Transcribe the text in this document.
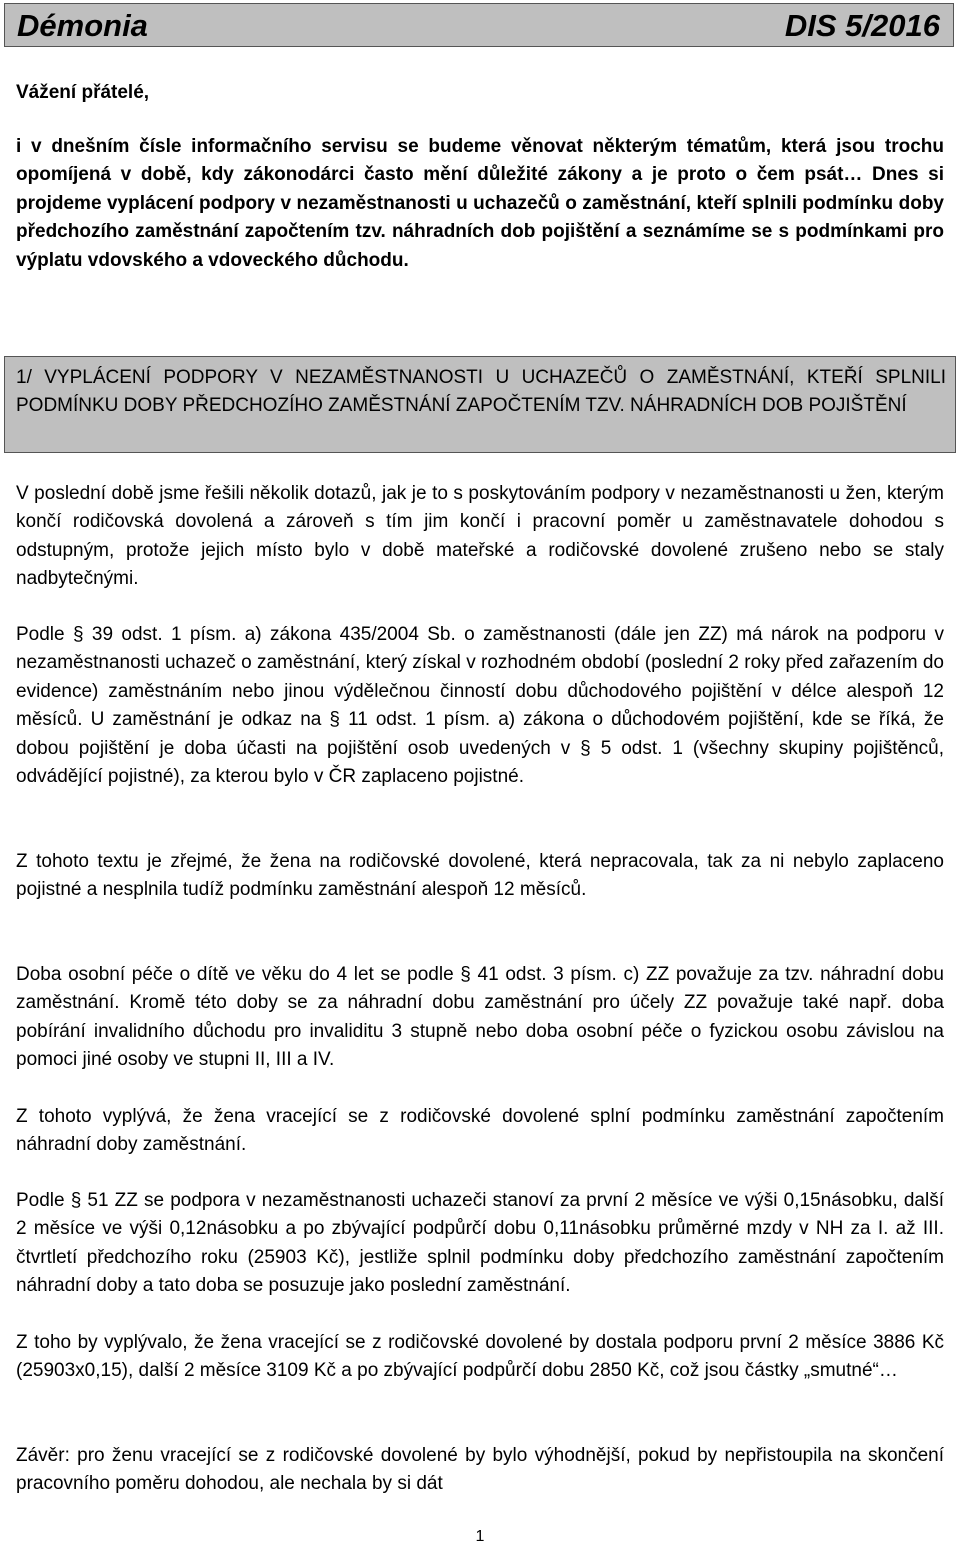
Démonia	DIS 5/2016
Vážení přátelé,
i v dnešním čísle informačního servisu se budeme věnovat některým tématům, která jsou trochu opomíjená v době, kdy zákonodárci často mění důležité zákony a je proto o čem psát… Dnes si projdeme vyplácení podpory v nezaměstnanosti u uchazečů o zaměstnání, kteří splnili podmínku doby předchozího zaměstnání započtením tzv. náhradních dob pojištění a seznámíme se s podmínkami pro výplatu vdovského a vdoveckého důchodu.
1/ VYPLÁCENÍ PODPORY V NEZAMĚSTNANOSTI U UCHAZEČŮ O ZAMĚSTNÁNÍ, KTEŘÍ SPLNILI PODMÍNKU DOBY PŘEDCHOZÍHO ZAMĚSTNÁNÍ ZAPOČTENÍM TZV. NÁHRADNÍCH DOB POJIŠTĚNÍ
V poslední době jsme řešili několik dotazů, jak je to s poskytováním podpory v nezaměstnanosti u žen, kterým končí rodičovská dovolená a zároveň s tím jim končí i pracovní poměr u zaměstnavatele dohodou s odstupným, protože jejich místo bylo v době mateřské a rodičovské dovolené zrušeno nebo se staly nadbytečnými.
Podle § 39 odst. 1 písm. a) zákona 435/2004 Sb. o zaměstnanosti (dále jen ZZ) má nárok na podporu v nezaměstnanosti uchazeč o zaměstnání, který získal v rozhodném období (poslední 2 roky před zařazením do evidence) zaměstnáním nebo jinou výdělečnou činností dobu důchodového pojištění v délce alespoň 12 měsíců. U zaměstnání je odkaz na § 11 odst. 1 písm. a) zákona o důchodovém pojištění, kde se říká, že dobou pojištění je doba účasti na pojištění osob uvedených v § 5 odst. 1 (všechny skupiny pojištěnců, odvádějící pojistné), za kterou bylo v ČR zaplaceno pojistné.
Z tohoto textu je zřejmé, že žena na rodičovské dovolené, která nepracovala, tak za ni nebylo zaplaceno pojistné a nesplnila tudíž podmínku zaměstnání alespoň 12 měsíců.
Doba osobní péče o dítě ve věku do 4 let se podle § 41 odst. 3 písm. c) ZZ považuje za tzv. náhradní dobu zaměstnání. Kromě této doby se za náhradní dobu zaměstnání pro účely ZZ považuje také např. doba pobírání invalidního důchodu pro invaliditu 3 stupně nebo doba osobní péče o fyzickou osobu závislou na pomoci jiné osoby ve stupni II, III a IV.
Z tohoto vyplývá, že žena vracející se z rodičovské dovolené splní podmínku zaměstnání započtením náhradní doby zaměstnání.
Podle § 51 ZZ se podpora v nezaměstnanosti uchazeči stanoví za první 2 měsíce ve výši 0,15násobku, další 2 měsíce ve výši 0,12násobku a po zbývající podpůrčí dobu 0,11násobku průměrné mzdy v NH za I. až III. čtvrtletí předchozího roku (25903 Kč), jestliže splnil podmínku doby předchozího zaměstnání započtením náhradní doby a tato doba se posuzuje jako poslední zaměstnání.
Z toho by vyplývalo, že žena vracející se z rodičovské dovolené by dostala podporu první 2 měsíce 3886 Kč (25903x0,15), další 2 měsíce 3109 Kč a po zbývající podpůrčí dobu 2850 Kč, což jsou částky „smutné“…
Závěr: pro ženu vracející se z rodičovské dovolené by bylo výhodnější, pokud by nepřistoupila na skončení pracovního poměru dohodou, ale nechala by si dát
1
